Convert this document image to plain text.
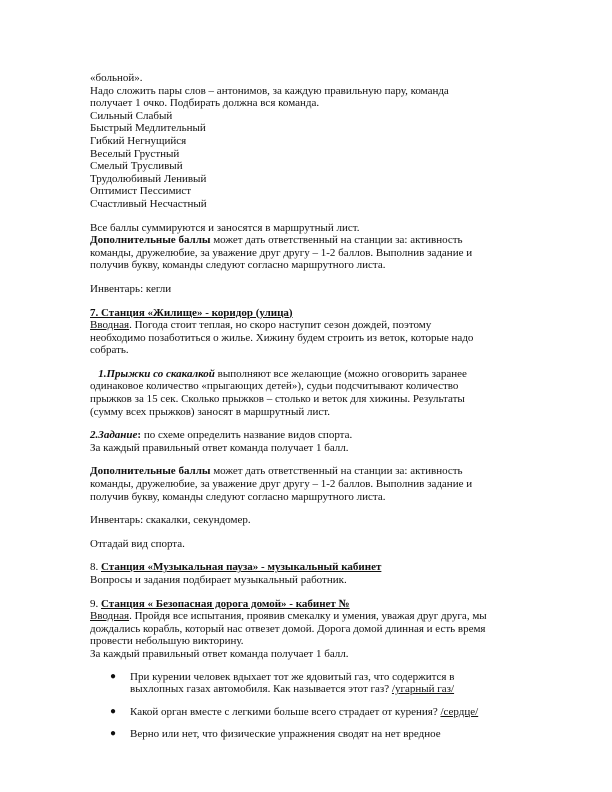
«больной».
Надо сложить пары слов – антонимов, за каждую правильную пару, команда
получает 1 очко. Подбирать должна вся команда.
Сильный Слабый
Быстрый Медлительный
Гибкий Негнущийся
Веселый Грустный
Смелый Трусливый
Трудолюбивый Ленивый
Оптимист Пессимист
Счастливый Несчастный
Все баллы суммируются и заносятся в маршрутный лист.
Дополнительные баллы может дать ответственный на станции за: активность
команды, дружелюбие, за уважение друг другу – 1-2 баллов. Выполнив задание и
получив букву, команды следуют согласно маршрутного листа.
Инвентарь: кегли
7. Станция «Жилище» - коридор (улица)
Вводная. Погода стоит теплая, но скоро наступит сезон дождей, поэтому
необходимо позаботиться о жилье. Хижину будем строить из веток, которые надо
собрать.
1.Прыжки со скакалкой выполняют все желающие (можно оговорить заранее
одинаковое количество «прыгающих детей»), судьи подсчитывают количество
прыжков за 15 сек. Сколько прыжков – столько и веток для хижины. Результаты
(сумму всех прыжков) заносят в маршрутный лист.
2.Задание: по схеме определить название видов спорта.
За каждый правильный ответ команда получает 1 балл.
Дополнительные баллы может дать ответственный на станции за: активность
команды, дружелюбие, за уважение друг другу – 1-2 баллов. Выполнив задание и
получив букву, команды следуют согласно маршрутного листа.
Инвентарь: скакалки, секундомер.
Отгадай вид спорта.
8. Станция «Музыкальная пауза» - музыкальный кабинет
Вопросы и задания подбирает музыкальный работник.
9. Станция « Безопасная дорога домой» - кабинет №
Вводная. Пройдя все испытания, проявив смекалку и умения, уважая друг друга, мы
дождались корабль, который нас отвезет домой. Дорога домой длинная и есть время
провести небольшую викторину.
За каждый правильный ответ команда получает 1 балл.
● При курении человек вдыхает тот же ядовитый газ, что содержится в
выхлопных газах автомобиля. Как называется этот газ? /угарный газ/
● Какой орган вместе с легкими больше всего страдает от курения? /сердце/
● Верно или нет, что физические упражнения сводят на нет вредное
